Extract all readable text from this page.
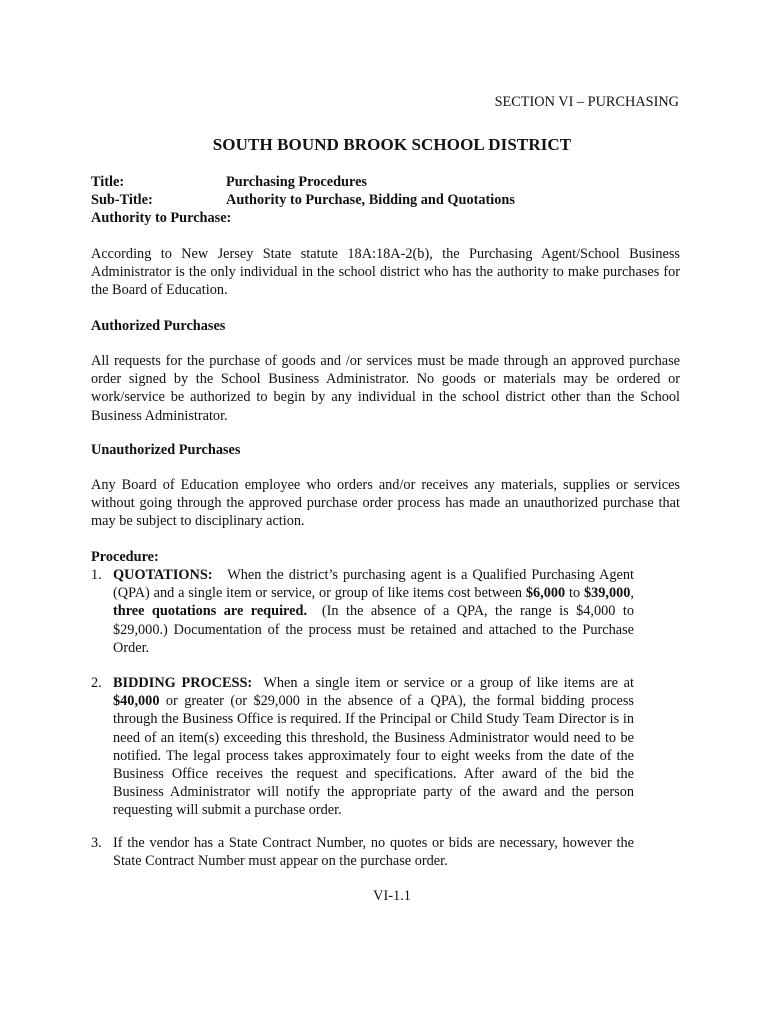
SECTION VI – PURCHASING
SOUTH BOUND BROOK SCHOOL DISTRICT
Title:	Purchasing Procedures
Sub-Title:	Authority to Purchase, Bidding and Quotations
Authority to Purchase:
According to New Jersey State statute 18A:18A-2(b), the Purchasing Agent/School Business Administrator is the only individual in the school district who has the authority to make purchases for the Board of Education.
Authorized Purchases
All requests for the purchase of goods and /or services must be made through an approved purchase order signed by the School Business Administrator. No goods or materials may be ordered or work/service be authorized to begin by any individual in the school district other than the School Business Administrator.
Unauthorized Purchases
Any Board of Education employee who orders and/or receives any materials, supplies or services without going through the approved purchase order process has made an unauthorized purchase that may be subject to disciplinary action.
Procedure:
1. QUOTATIONS: When the district’s purchasing agent is a Qualified Purchasing Agent (QPA) and a single item or service, or group of like items cost between $6,000 to $39,000, three quotations are required. (In the absence of a QPA, the range is $4,000 to $29,000.) Documentation of the process must be retained and attached to the Purchase Order.
2. BIDDING PROCESS: When a single item or service or a group of like items are at $40,000 or greater (or $29,000 in the absence of a QPA), the formal bidding process through the Business Office is required. If the Principal or Child Study Team Director is in need of an item(s) exceeding this threshold, the Business Administrator would need to be notified. The legal process takes approximately four to eight weeks from the date of the Business Office receives the request and specifications. After award of the bid the Business Administrator will notify the appropriate party of the award and the person requesting will submit a purchase order.
3. If the vendor has a State Contract Number, no quotes or bids are necessary, however the State Contract Number must appear on the purchase order.
VI-1.1
